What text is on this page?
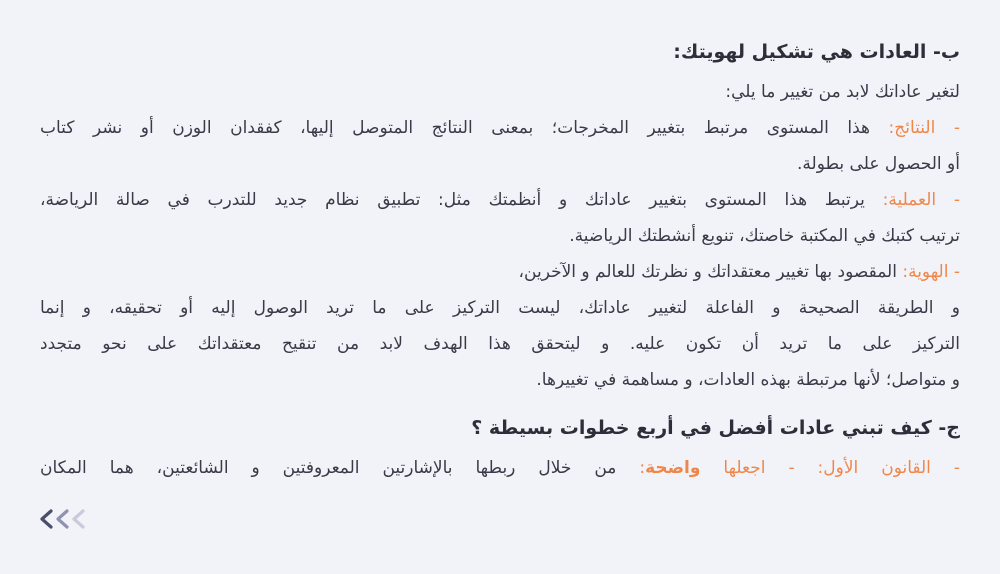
ب- العادات هي تشكيل لهويتك:

لتغير عاداتك لابد من تغيير ما يلي:

- النتائج: هذا المستوى مرتبط بتغيير المخرجات؛ بمعنى النتائج المتوصل إليها، كفقدان الوزن أو نشر كتاب

أو الحصول على بطولة.

- العملية: يرتبط هذا المستوى بتغيير عاداتك و أنظمتك مثل: تطبيق نظام جديد للتدرب في صالة الرياضة،

ترتيب كتبك في المكتبة خاصتك، تنويع أنشطتك الرياضية.

- الهوية: المقصود بها تغيير معتقداتك و نظرتك للعالم و الآخرين،

و الطريقة الصحيحة و الفاعلة لتغيير عاداتك، ليست التركيز على ما تريد الوصول إليه أو تحقيقه، و إنما

التركيز على ما تريد أن تكون عليه. و ليتحقق هذا الهدف لابد من تنقيح معتقداتك على نحو متجدد

و متواصل؛ لأنها مرتبطة بهذه العادات، و مساهمة في تغييرها.

ج- كيف تبني عادات أفضل في أربع خطوات بسيطة ؟

- القانون الأول: - اجعلها واضحة: من خلال ربطها بالإشارتين المعروفتين و الشائعتين، هما المكان
